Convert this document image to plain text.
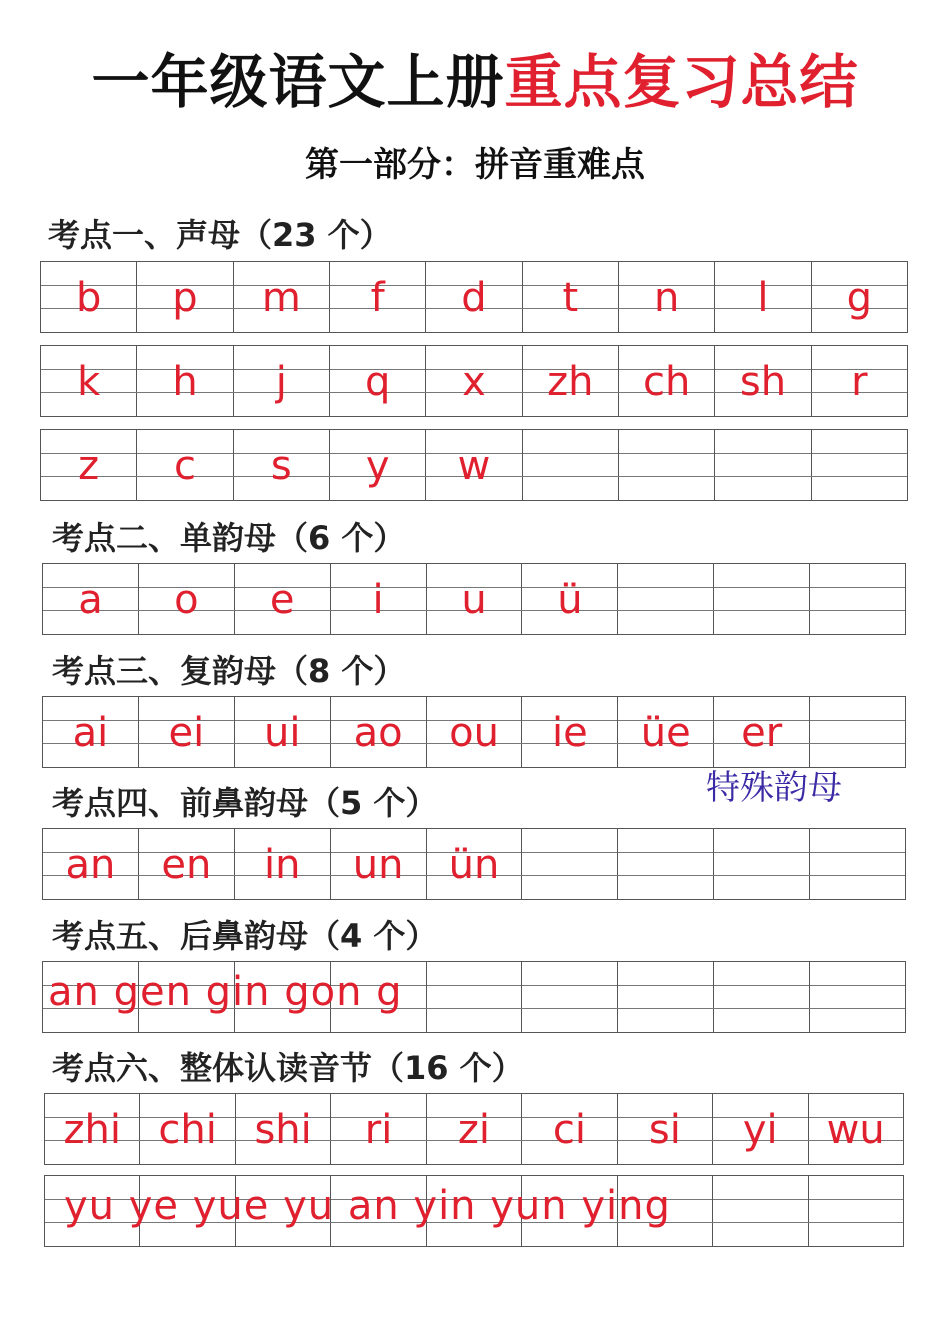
一年级语文上册重点复习总结
第一部分：拼音重难点
考点一、声母（23 个）
b	p	m	f	d	t	n	l	g
k	h	j	q	x	zh	ch	sh	r
z	c	s	y	w
考点二、单韵母（6 个）
a	o	e	i	u	ü
考点三、复韵母（8 个）
ai	ei	ui	ao	ou	ie	üe	er
特殊韵母
考点四、前鼻韵母（5 个）
an	en	in	un	ün
考点五、后鼻韵母（4 个）
an gen gin gon g
考点六、整体认读音节（16 个）
zhi chi shi	ri	zi	ci	si	yi	wu
yu ye yue yu an yin yun ying
